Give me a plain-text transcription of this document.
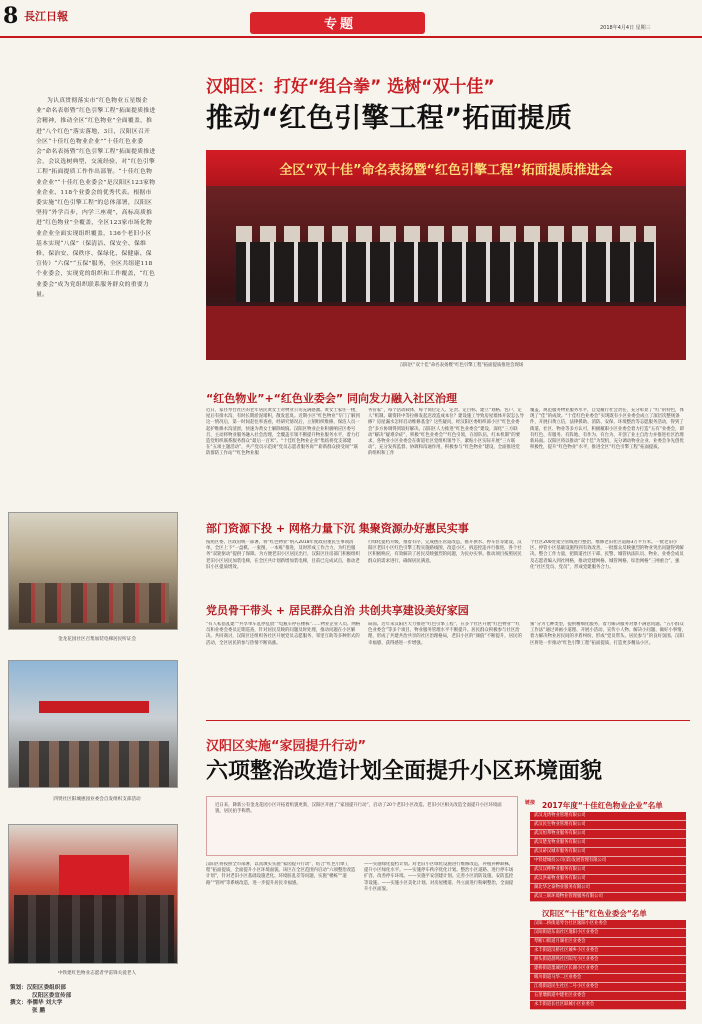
8 長江日報
专题	2018年4月4日 星期三
为认真贯彻落实市“红色物业五星级企业”命名表彰暨“红色引擎工程”拓面提质推进会精神，推动全区“红色物业”全面覆盖，推进“八个红色”落实落地，3日，汉阳区召开全区“十佳红色物业企业”“十佳红色业委会”命名表扬暨“红色引擎工程”拓面提质推进会，会议选树典型，交流经验，对“红色引擎工程”拓面提质工作作出部署。“十佳红色物业企业”“十佳红色业委会”是汉阳区123家物业企业、118个业委会的优秀代表。根据市委实施“红色引擎工程”的总体部署，汉阳区坚持“外学百步，内学三座观”，高标高质推进“红色物业”全覆盖，全区123家市场化物业企业全面实现组织覆盖，136个老旧小区基本实现“八保”（保清洁、保安全、保维修、保治安、保秩序、保绿化、保健康、保宣传）“六保”“五保”服务，全区共组建118个业委会，实现党的组织和工作覆盖，“红色业委会”成为党组织联系服务群众的重要力量。
金龙花园社区召集加装电梯居民听证会
四贤社区阳城惠园业委会自发组织支部活动
中铁建红色物业志愿者学雷锋关爱老人
策划：汉阳区委组织部
汉阳区委宣传部
撰文：李儒华 刘大学
张 鹏
汉阳区：打好“组合拳” 选树“双十佳”
推动“红色引擎工程”拓面提质
全区“双十佳”命名表扬暨“红色引擎工程”拓面提质推进会
汉阳区“双十佳”命名表扬暨“红色引擎工程”拓面提质推进会现场
“红色物业”+“红色业委会” 同向发力融入社区治理
近日，家住琴台社区的老年居民黄女士对物业公司充满感激。黄女士家住一楼，屋后有排水沟，有时长期淤泥堵积，散发恶臭。近期小区“红色物业”专门了解到这一情况后，第一时间赶往率查看，经研究情况后，立刻组织维修，保洁人员一起护维修水沟清淤，快速为黄女士解除烦恼。汉阳区物业企业积极响应区委号召，主动将物业服务融入社会治理，全覆盖引领不断提升物业服务水平，着力打造党组织联系服务群众“最后一百米”。“十佳红色物业企业”集结将党支部建在“五项主题活动”，共产党员示范岗“党员志愿者服务岗”“崭新群众接受岗”“联防群防工作站”“红色物业服
务管家”，每个活动载体，每个岗位定人、定责、定目标，建立“划格、包户、定人”机制。碳资转中等拉修发起迟改造成本位？建设施工导致房屋墙体开裂怎么导修？房屋漏水怎样启动维修基金？这些疑问，经汉阳区委组织部小区“红色业委会”多方协调得到较好解决。汉阳区人力推进“红色业委会”建设，深化“三方联动”解决“疑难杂症”，积极“红色业委会”“红色引领，在原队伍，红本机制”的要求，各物业小区业委会在街道社区党组织领导下，紧贴小区实际开展“三方联动”，充分发挥监督、协调和沟通作用，积极参与“红色物业”建设，全面推进党的组织和工作
覆盖，规范服务物业服务水平，自觉履行社会责任，充分彰显了“红”的特色，体现了“佳”的成效。“十佳红色业委会”实现既有小区业委会成立了深层次整规条件，开展扫黄立信，法律援助、消防、安保、环境整治等志愿服务活动，得到了街道、社区、物业等多方认可，积极履职小区业委会着力打造“五有”业委会，即有红色、有服务、有阵地、有作为、有台为、开创了业主自治力并推进社区治理新局面。汉阳区将以推动“双十佳”为契机，充分调动物业企业、业委会争先创优积极性，提升“红色物业”水平，推进全区“红色引擎工程”拓面提质。
部门资源下投 + 网格力量下沉 集聚资源办好惠民实事
按照区委、区政府统一部署，将“红色物业”纳入2018年度政府重民生事项清单，全区上下“一盘棋、一张图、一本账”推进，及时形成工作合力，为红色服务“双轮驱动”提供了保障。为方便老旧小区居民出行，汉阳区住房部门积极组织老旧小区居民加装电梯，在全区共计划新增加装电梯，目前已完成试点，推动老旧小区提质增效。
行绿化提档升级，推着有序，完成摆庄管道改造，推开供水、停车位等建设，汉阳区老旧小区红色引擎工程实施路线图，改造小区、拆违控违并行推进，各个社区积极响应，有效解决了居民反映强烈的问题，为民办实事。推动项目按照居民群众的需求进行，确保居民满意。
个社区200处架空管线进行整治，维修老旧社区道路3万平方米。一批老旧小区、停管小区基础设施得到有效改善，一批群众反映强烈的物业突出问题得到解决。整合工作力量，把街道社区干部、民警、城管执法队员、物业、业委会成员及志愿者编入到社网格，推动党建网格、城管网格、综治网格“三网重合”，强化“社区党员、党员”，形成党建服务合力。
党员骨干带头 + 居民群众自治 共创共享建设美好家园
“有人私搭乱建”“共享单车乱停乱放”“电瓶车停在楼栋”……物业企业人员、网格员和业委会委员定期巡查，针对居民反映的问题及时处理，推动问题在小区解决。共同商讨，汉阳区还组织各社区开展党员志愿服务、邻里互助等多种形式的活动，全区居民的参与热情不断高涨。
局面。近年来汉阳区大力推进“红色引擎工程”，在多个社区开展“红色物业”“红色业委会”等多个项目，物业服务管理水平不断提升。居民群众积极参与社区治理，形成了共建共治共享的社区治理格局，老旧小区的“颜值”不断提升，居民的幸福感、获得感进一步增强。
蜜”分为七种类型，提供精细化服务，着力解决服务对象不满意问题。“五小群众工作法”通过讲画小道理、开展小活动、宣传小人物、解决小问题、做好小事情，着力解决物业居民间的矛盾纠纷，形成“党员带头、居民参与”的良好氛围。汉阳区将进一步推动“红色引擎工程”拓面提质，打造更多精品小区。
汉阳区实施“家园提升行动”
六项整治改造计划全面提升小区环境面貌
近日来，降新公有金龙花园小区开拓着机貌更新，汉阳区开展了“家园提升行动”，启动了20个老旧小区改造。老旧小区相关改造全面提升小区环境面貌，居民拍手称赞。
汉阳区将按照全市部署，以真填实实施“家园提升行动”，结合“红色引擎工程”拓面提质，全面提升小区环境面貌。该区在全区范围内启动“六项整治改造计划”，针对老旧小区基础设施老化、环境脏乱差等问题，实施“楼栋”“道路”“管网”等系统改造，进一步提升居民幸福感。
——实施绿化提档计划。对老旧小区绿化设施进行维修改造，补植补种缺株，提升小区绿化水平。——实施停车秩序优化计划。整治小区道路、进行停车场扩容，改善停车环境。——实施平安创建计划。完善小区消防设施、安防监控等设施。——实施小区美化计划。对房屋楼道、外立面进行粉刷整治，全面提升小区面貌。
链接 2017年度“十佳红色物业企业”名单
武汉龙湾物业管理有限公司
武汉民生物业管理有限公司
武汉恒邦物业服务有限公司
武汉楚龙物业服务有限公司
武汉硚汉城市服务有限公司
中铁建城投公司(第)发展管理有限公司
武汉汉桦物业服务有限公司
武汉洪豪物业服务有限公司
湖北华之泰物业服务有限公司
武汉三联环境物业管理服务有限公司
汉阳区“十佳”红色业委会“名单
汉阳二桥街道琴台社区逸阳小区业委会
汉阳街道东南社区逸阳小区业委会
琴断口街道月湖社区业委会
永丰街道汉桥社区城乡小区业委会
洲头街道晨鸣社区阳光小区业委会
建桥街道墨城社区长湖小区业委会
晴川街道马华二区业委会
江堤街道民生社区二号小区业委会
五里墩街道中建社区业委会
永丰街道长社区联城小区业委会
